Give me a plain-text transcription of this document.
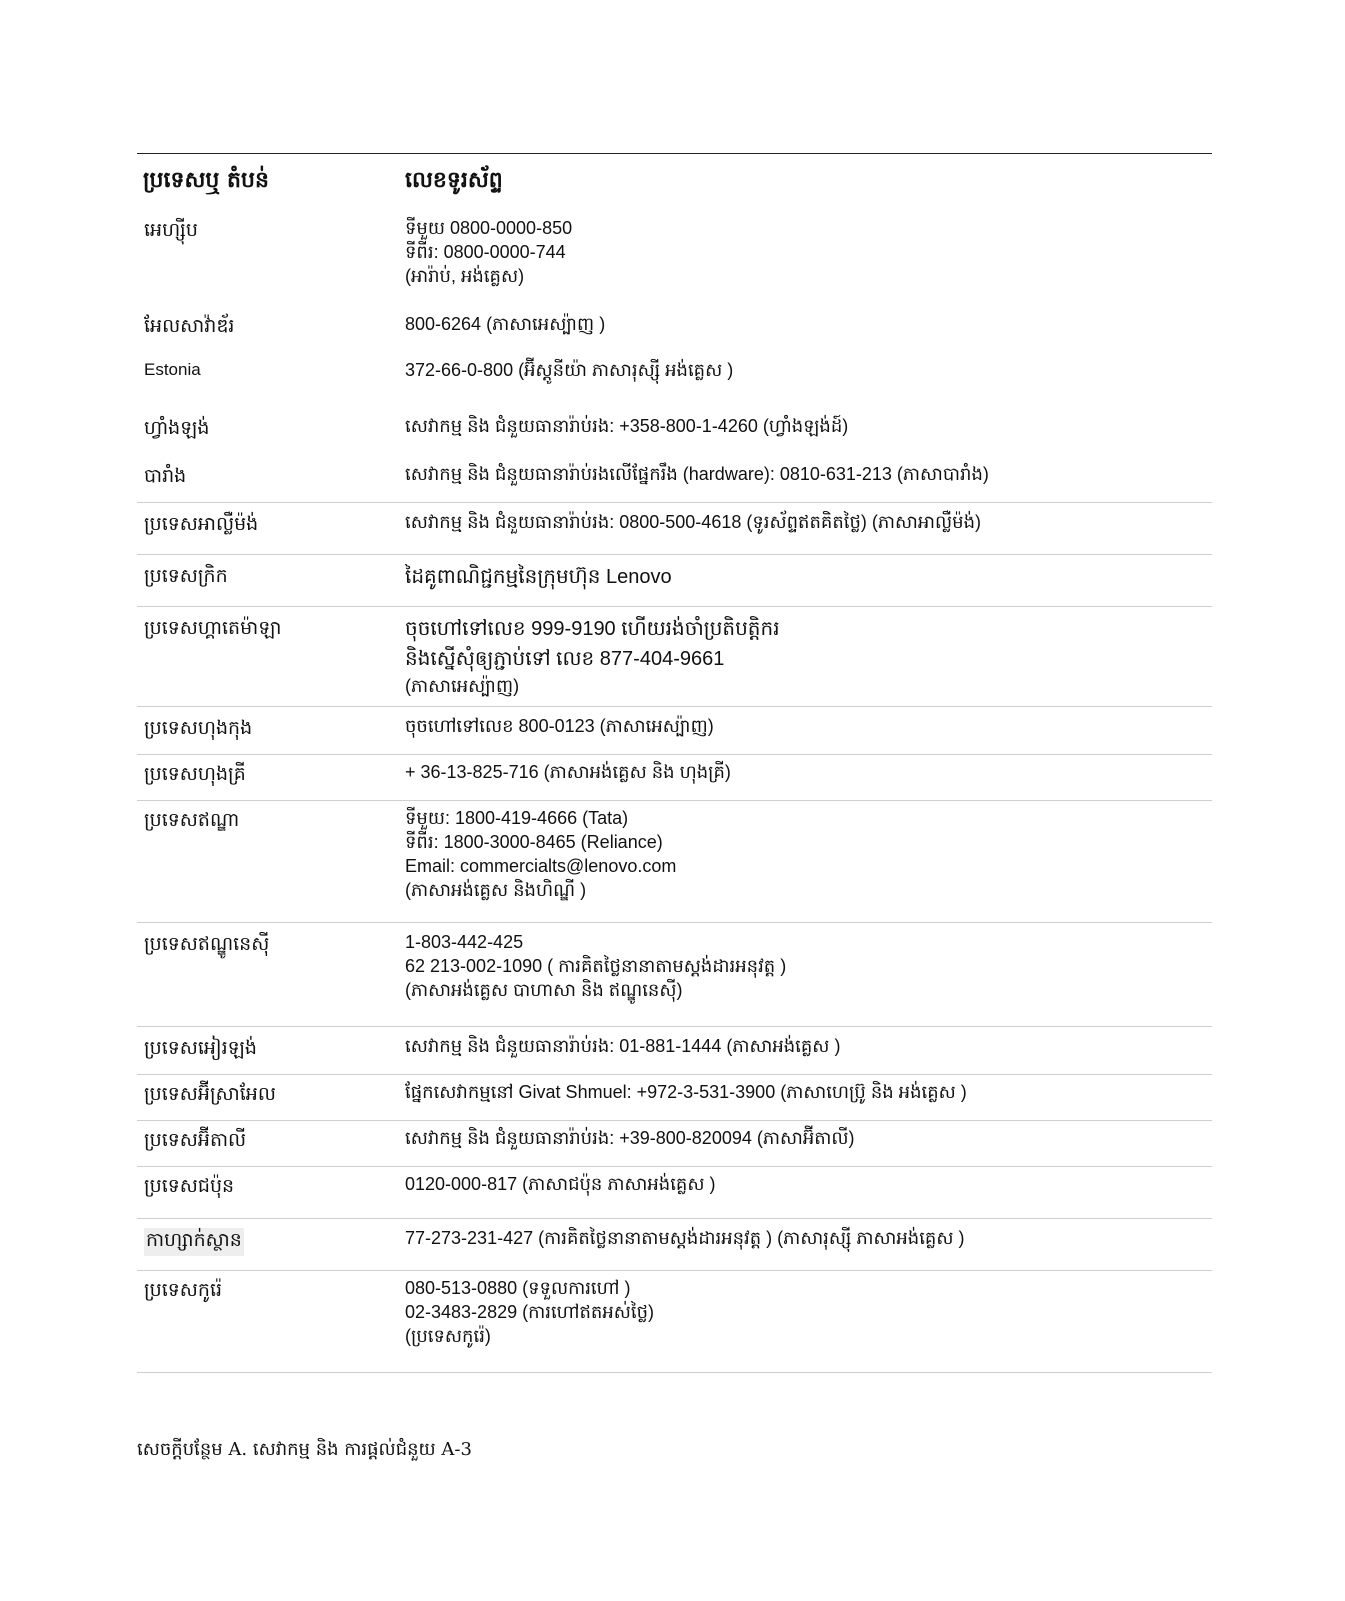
ប្រទេសឬ តំបន់	លេខទូរស័ព្ទ
អេហ្ស៊ីប	ទីមួយ 0800-0000-850
ទីពីរ: 0800-0000-744
(អារ៉ាប់, អង់គ្លេស)
អែលសាវ៉ាឌ័រ	800-6264 (ភាសាអេស្ប៉ាញ )
Estonia	372-66-0-800 (អ៊ីស្តូនីយ៉ា ភាសារុស្ស៊ី អង់គ្លេស )
ហ្វាំងឡង់	សេវាកម្ម និង ជំនួយធានារ៉ាប់រង: +358-800-1-4260 (ហ្វាំងឡង់ដ៍)
បារាំង	សេវាកម្ម និង ជំនួយធានារ៉ាប់រងលើផ្នែករឹង (hardware): 0810-631-213 (ភាសាបារាំង)
ប្រទេសអាល្លឺម៉ង់	សេវាកម្ម និង ជំនួយធានារ៉ាប់រង: 0800-500-4618 (ទូរស័ព្ទឥតគិតថ្លៃ) (ភាសាអាល្លឺម៉ង់)
ប្រទេសក្រិក	ដៃគូពាណិជ្ជកម្មនៃក្រុមហ៊ុន Lenovo
ប្រទេសហ្គាតេម៉ាឡា	ចុចហៅទៅលេខ 999-9190 ហើយរង់ចាំប្រតិបត្តិករ
និងស្នើសុំឲ្យភ្ជាប់ទៅ លេខ 877-404-9661
(ភាសាអេស្ប៉ាញ)
ប្រទេសហុងកុង	ចុចហៅទៅលេខ 800-0123 (ភាសាអេស្ប៉ាញ)
ប្រទេសហុងគ្រី	+ 36-13-825-716 (ភាសាអង់គ្លេស និង ហុងគ្រី)
ប្រទេសឥណ្ឌា	ទីមួយ: 1800-419-4666 (Tata)
ទីពីរ: 1800-3000-8465 (Reliance)
Email: commercialts@lenovo.com
(ភាសាអង់គ្លេស និងហិណ្ឌី )
ប្រទេសឥណ្ឌូនេស៊ី	1-803-442-425
62 213-002-1090 ( ការគិតថ្លៃនានាតាមស្តង់ដារអនុវត្ត )
(ភាសាអង់គ្លេស បាហាសា និង ឥណ្ឌូនេស៊ី)
ប្រទេសអៀរឡង់	សេវាកម្ម និង ជំនួយធានារ៉ាប់រង: 01-881-1444 (ភាសាអង់គ្លេស )
ប្រទេសអ៊ីស្រាអែល	ផ្នែកសេវាកម្មនៅ Givat Shmuel: +972-3-531-3900 (ភាសាហេប្រ៊ូ និង អង់គ្លេស )
ប្រទេសអ៊ីតាលី	សេវាកម្ម និង ជំនួយធានារ៉ាប់រង: +39-800-820094 (ភាសាអ៊ីតាលី)
ប្រទេសជប៉ុន	0120-000-817 (ភាសាជប៉ុន ភាសាអង់គ្លេស )
កាហ្សាក់ស្ថាន	77-273-231-427 (ការគិតថ្លៃនានាតាមស្តង់ដារអនុវត្ត ) (ភាសារុស្ស៊ី ភាសាអង់គ្លេស )
ប្រទេសកូរ៉េ	080-513-0880 (ទទួលការហៅ )
02-3483-2829 (ការហៅឥតអស់ថ្លៃ)
(ប្រទេសកូរ៉េ)
សេចក្តីបន្ថែម A. សេវាកម្ម និង ការផ្តល់ជំនួយ A-3
